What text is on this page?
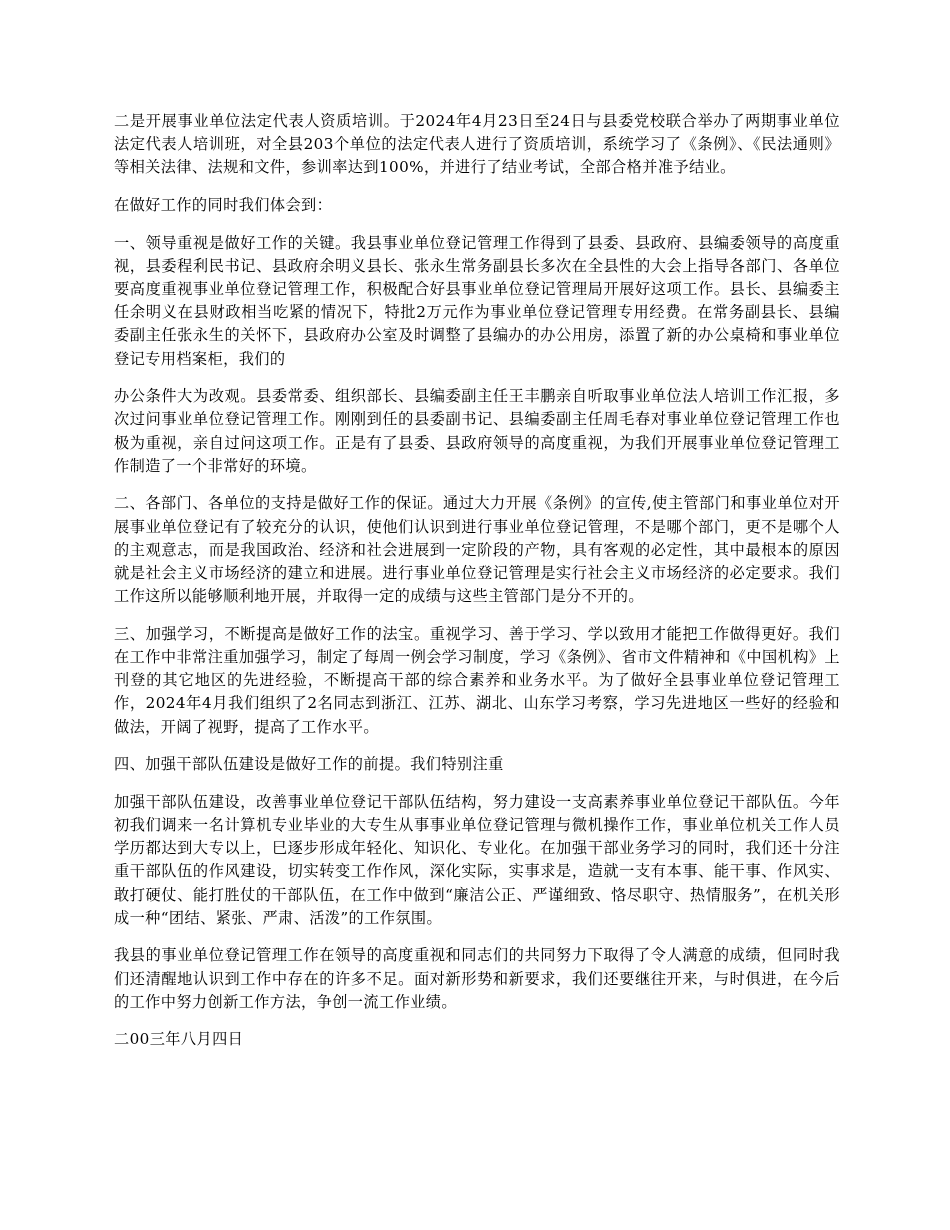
二是开展事业单位法定代表人资质培训。于2024年4月23日至24日与县委党校联合举办了两期事业单位法定代表人培训班，对全县203个单位的法定代表人进行了资质培训，系统学习了《条例》、《民法通则》等相关法律、法规和文件，参训率达到100%，并进行了结业考试，全部合格并准予结业。

在做好工作的同时我们体会到：

一、领导重视是做好工作的关键。我县事业单位登记管理工作得到了县委、县政府、县编委领导的高度重视，县委程利民书记、县政府余明义县长、张永生常务副县长多次在全县性的大会上指导各部门、各单位要高度重视事业单位登记管理工作，积极配合好县事业单位登记管理局开展好这项工作。县长、县编委主任余明义在县财政相当吃紧的情况下，特批2万元作为事业单位登记管理专用经费。在常务副县长、县编委副主任张永生的关怀下，县政府办公室及时调整了县编办的办公用房，添置了新的办公桌椅和事业单位登记专用档案柜，我们的

办公条件大为改观。县委常委、组织部长、县编委副主任王丰鹏亲自听取事业单位法人培训工作汇报，多次过问事业单位登记管理工作。刚刚到任的县委副书记、县编委副主任周毛春对事业单位登记管理工作也极为重视，亲自过问这项工作。正是有了县委、县政府领导的高度重视，为我们开展事业单位登记管理工作制造了一个非常好的环境。

二、各部门、各单位的支持是做好工作的保证。通过大力开展《条例》的宣传,使主管部门和事业单位对开展事业单位登记有了较充分的认识，使他们认识到进行事业单位登记管理，不是哪个部门，更不是哪个人的主观意志，而是我国政治、经济和社会进展到一定阶段的产物，具有客观的必定性，其中最根本的原因就是社会主义市场经济的建立和进展。进行事业单位登记管理是实行社会主义市场经济的必定要求。我们工作这所以能够顺利地开展，并取得一定的成绩与这些主管部门是分不开的。

三、加强学习，不断提高是做好工作的法宝。重视学习、善于学习、学以致用才能把工作做得更好。我们在工作中非常注重加强学习，制定了每周一例会学习制度，学习《条例》、省市文件精神和《中国机构》上刊登的其它地区的先进经验，不断提高干部的综合素养和业务水平。为了做好全县事业单位登记管理工作，2024年4月我们组织了2名同志到浙江、江苏、湖北、山东学习考察，学习先进地区一些好的经验和做法，开阔了视野，提高了工作水平。

四、加强干部队伍建设是做好工作的前提。我们特别注重

加强干部队伍建设，改善事业单位登记干部队伍结构，努力建设一支高素养事业单位登记干部队伍。今年初我们调来一名计算机专业毕业的大专生从事事业单位登记管理与微机操作工作，事业单位机关工作人员学历都达到大专以上，巳逐步形成年轻化、知识化、专业化。在加强干部业务学习的同时，我们还十分注重干部队伍的作风建设，切实转变工作作风，深化实际，实事求是，造就一支有本事、能干事、作风实、敢打硬仗、能打胜仗的干部队伍，在工作中做到“廉洁公正、严谨细致、恪尽职守、热情服务”，在机关形成一种“团结、紧张、严肃、活泼”的工作氛围。

我县的事业单位登记管理工作在领导的高度重视和同志们的共同努力下取得了令人满意的成绩，但同时我们还清醒地认识到工作中存在的许多不足。面对新形势和新要求，我们还要继往开来，与时俱进，在今后的工作中努力创新工作方法，争创一流工作业绩。

二00三年八月四日
